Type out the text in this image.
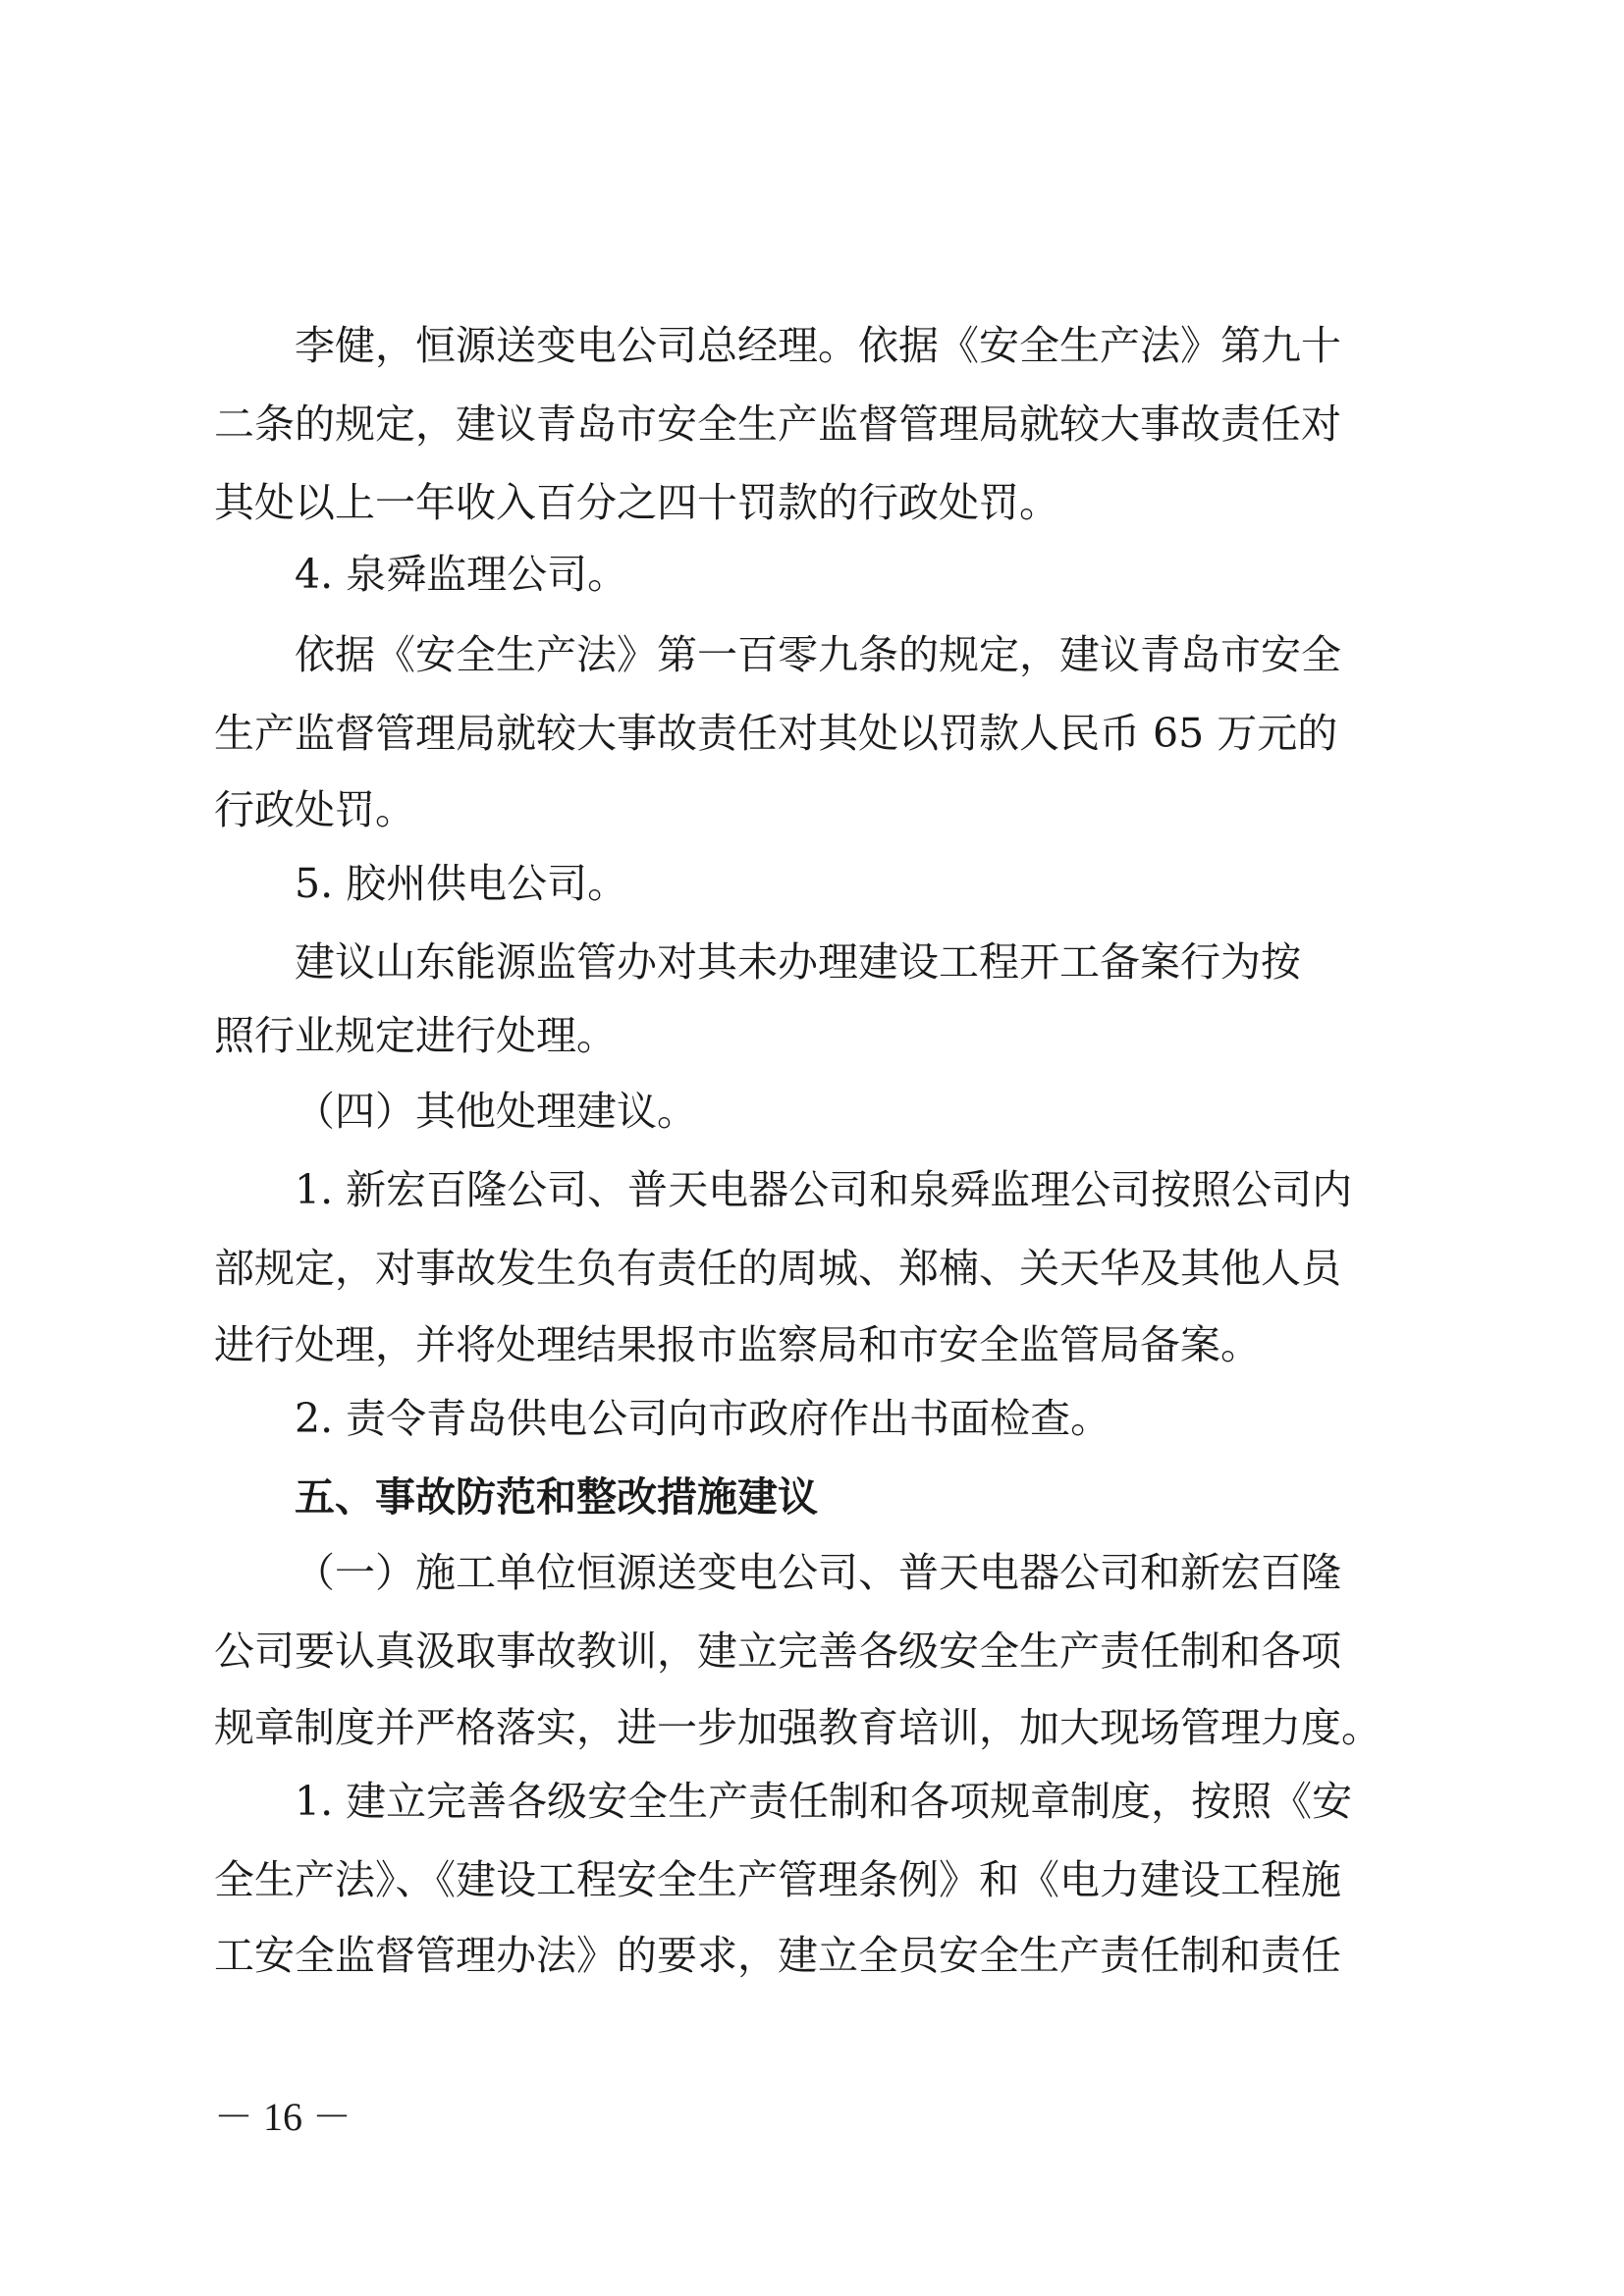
李健，恒源送变电公司总经理。依据《安全生产法》第九十
二条的规定，建议青岛市安全生产监督管理局就较大事故责任对
其处以上一年收入百分之四十罚款的行政处罚。
4. 泉舜监理公司。
依据《安全生产法》第一百零九条的规定，建议青岛市安全
生产监督管理局就较大事故责任对其处以罚款人民币 65 万元的
行政处罚。
5. 胶州供电公司。
建议山东能源监管办对其未办理建设工程开工备案行为按
照行业规定进行处理。
（四）其他处理建议。
1. 新宏百隆公司、普天电器公司和泉舜监理公司按照公司内
部规定，对事故发生负有责任的周城、郑楠、关天华及其他人员
进行处理，并将处理结果报市监察局和市安全监管局备案。
2. 责令青岛供电公司向市政府作出书面检查。
五、事故防范和整改措施建议
（一）施工单位恒源送变电公司、普天电器公司和新宏百隆
公司要认真汲取事故教训，建立完善各级安全生产责任制和各项
规章制度并严格落实，进一步加强教育培训，加大现场管理力度。
1. 建立完善各级安全生产责任制和各项规章制度，按照《安
全生产法》、《建设工程安全生产管理条例》和《电力建设工程施
工安全监督管理办法》的要求，建立全员安全生产责任制和责任
－ 16 －
